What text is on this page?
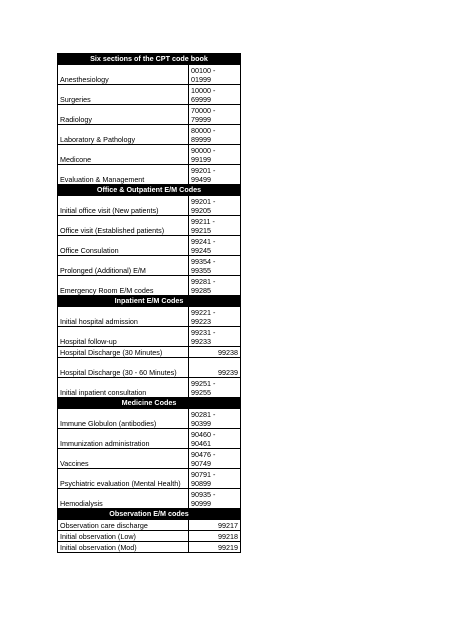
Six sections of the CPT code book	
Anesthesiology	00100 -
01999
Surgeries	10000 -
69999
Radiology	70000 -
79999
Laboratory & Pathology	80000 -
89999
Medicone	90000 -
99199
Evaluation & Management	99201 -
99499
Office & Outpatient E/M Codes	
Initial office visit (New patients)	99201 -
99205
Office visit (Established patients)	99211 -
99215
Office Consulation	99241 -
99245
Prolonged (Additional) E/M	99354 -
99355
Emergency Room E/M codes	99281 -
99285
Inpatient E/M Codes	
Initial hospital admission	99221 -
99223
Hospital follow-up	99231 -
99233
Hospital Discharge (30 Minutes)	99238
Hospital Discharge (30 - 60 Minutes)	99239
Initial inpatient consultation	99251 -
99255
Medicine Codes	
Immune Globulon (antibodies)	90281 -
90399
Immunization administration	90460 -
90461
Vaccines	90476 -
90749
Psychiatric evaluation (Mental Health)	90791 -
90899
Hemodialysis	90935 -
90999
Observation E/M codes	
Observation care discharge	99217
Initial observation (Low)	99218
Initial observation (Mod)	99219
